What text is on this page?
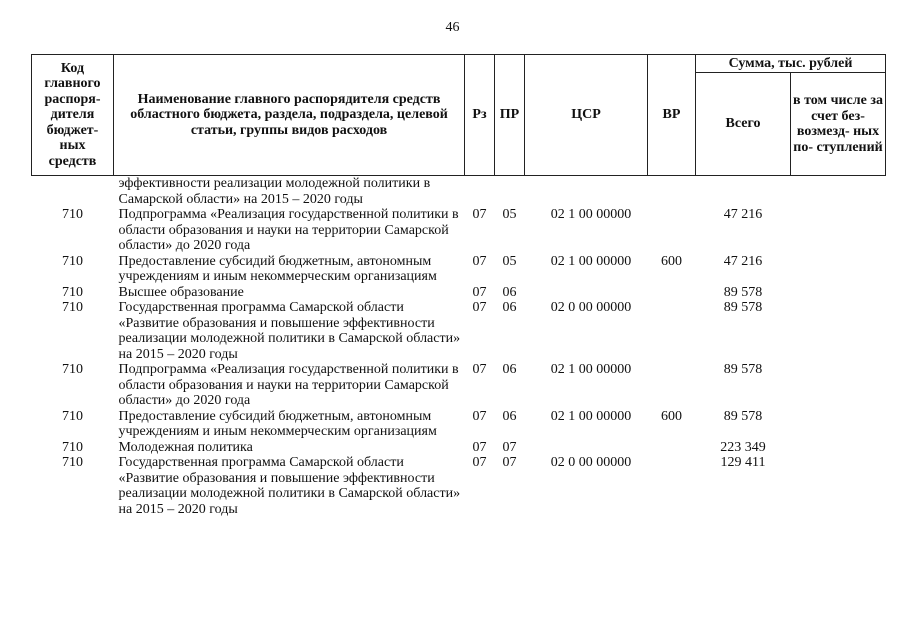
46
Код главного распоря- дителя бюджет- ных средств	Наименование главного распорядителя средств областного бюджета, раздела, подраздела, целевой статьи, группы видов расходов	Рз	ПР	ЦСР	ВР	Сумма, тыс. рублей	
						Всего	в том числе за счет без- возмезд- ных по- ступлений
	эффективности реализации молодежной политики в Самарской области» на 2015 – 2020 годы						
710	Подпрограмма «Реализация государственной политики в области образования и науки на территории Самарской области» до 2020 года	07	05	02 1 00 00000		47 216	
710	Предоставление субсидий бюджетным, автономным учреждениям и иным некоммерческим организациям	07	05	02 1 00 00000	600	47 216	
710	Высшее образование	07	06			89 578	
710	Государственная программа Самарской области «Развитие образования и повышение эффективности реализации молодежной политики в Самарской области» на 2015 – 2020 годы	07	06	02 0 00 00000		89 578	
710	Подпрограмма «Реализация государственной политики в области образования и науки на территории Самарской области» до 2020 года	07	06	02 1 00 00000		89 578	
710	Предоставление субсидий бюджетным, автономным учреждениям и иным некоммерческим организациям	07	06	02 1 00 00000	600	89 578	
710	Молодежная политика	07	07			223 349	
710	Государственная программа Самарской области «Развитие образования и повышение эффективности реализации молодежной политики в Самарской области» на 2015 – 2020 годы	07	07	02 0 00 00000		129 411	
